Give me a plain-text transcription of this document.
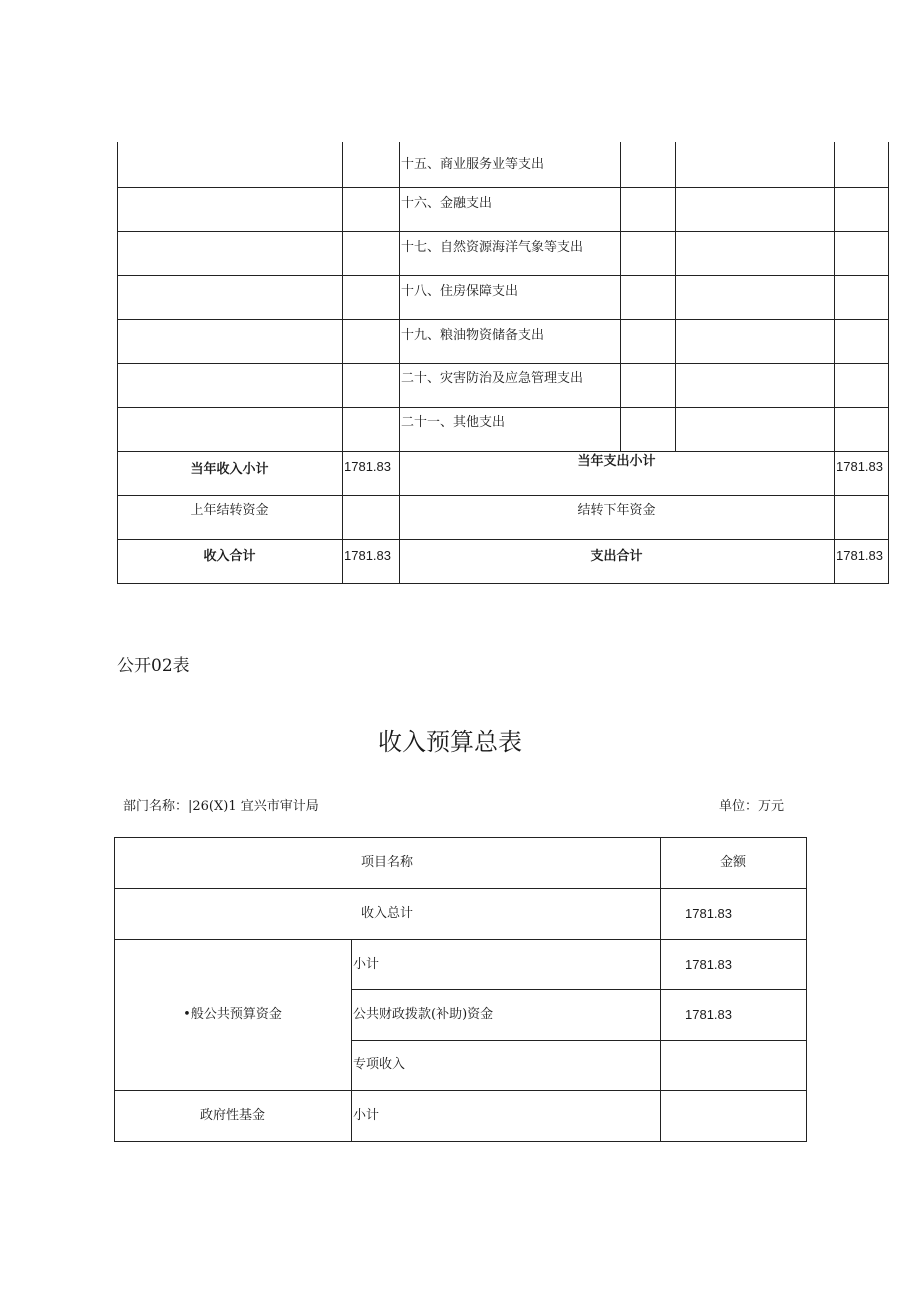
十五、商业服务业等支出
十六、金融支出
十七、自然资源海洋气象等支出
十八、住房保障支出
十九、粮油物资储备支出
二十、灾害防治及应急管理支出
二十一、其他支出
当年收入小计	1781.83	当年支出小计	1781.83
上年结转资金	结转下年资金
收入合计	1781.83	支出合计	1781.83
公开02表
收入预算总表
部门名称：|26(X)1 宜兴市审计局	单位：万元
项目名称	金额
收入总计	1781.83
•般公共预算资金
小计	1781.83
公共财政拨款(补助)资金	1781.83
专项收入
政府性基金	小计
